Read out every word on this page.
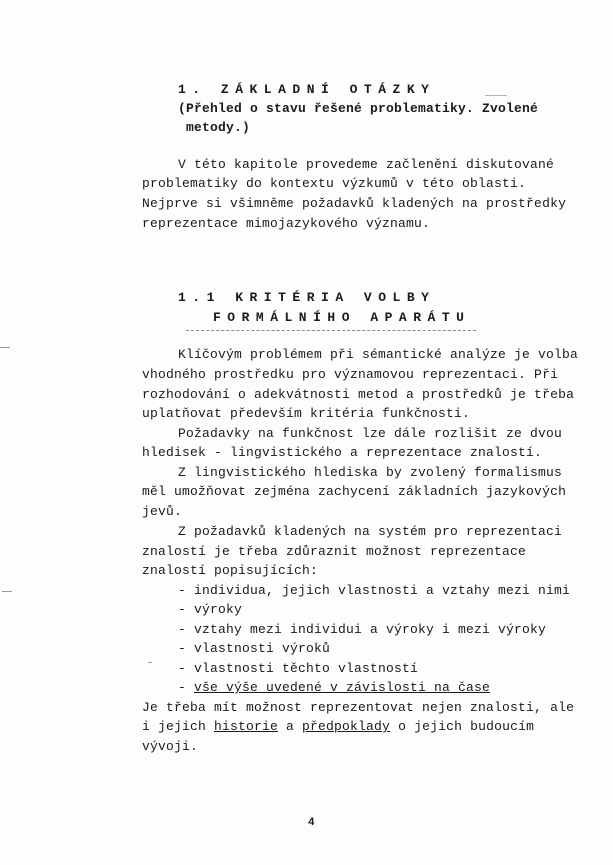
1. ZÁKLADNÍ OTÁZKY
(Přehled o stavu řešené problematiky. Zvolené
metody.)
V této kapitole provedeme začlenění diskutované
problematiky do kontextu výzkumů v této oblasti.
Nejprve si všimněme požadavků kladených na prostředky
reprezentace mimojazykového významu.
1.1 KRITÉRIA VOLBY
FORMÁLNÍHO APARÁTU
Klíčovým problémem při sémantické analýze je volba
vhodného prostředku pro významovou reprezentaci. Při
rozhodování o adekvátnosti metod a prostředků je třeba
uplatňovat především kritéria funkčnosti.
Požadavky na funkčnost lze dále rozlišit ze dvou
hledisek - lingvistického a reprezentace znalostí.
Z lingvistického hlediska by zvolený formalismus
měl umožňovat zejména zachycení základních jazykových
jevů.
Z požadavků kladených na systém pro reprezentaci
znalostí je třeba zdůraznit možnost reprezentace
znalostí popisujících:
- individua, jejich vlastnosti a vztahy mezi nimi
- výroky
- vztahy mezi individui a výroky i mezi výroky
- vlastnosti výroků
- vlastnosti těchto vlastností
- vše výše uvedené v závislosti na čase
Je třeba mít možnost reprezentovat nejen znalosti, ale
i jejich historie a předpoklady o jejich budoucím
vývoji.
4
